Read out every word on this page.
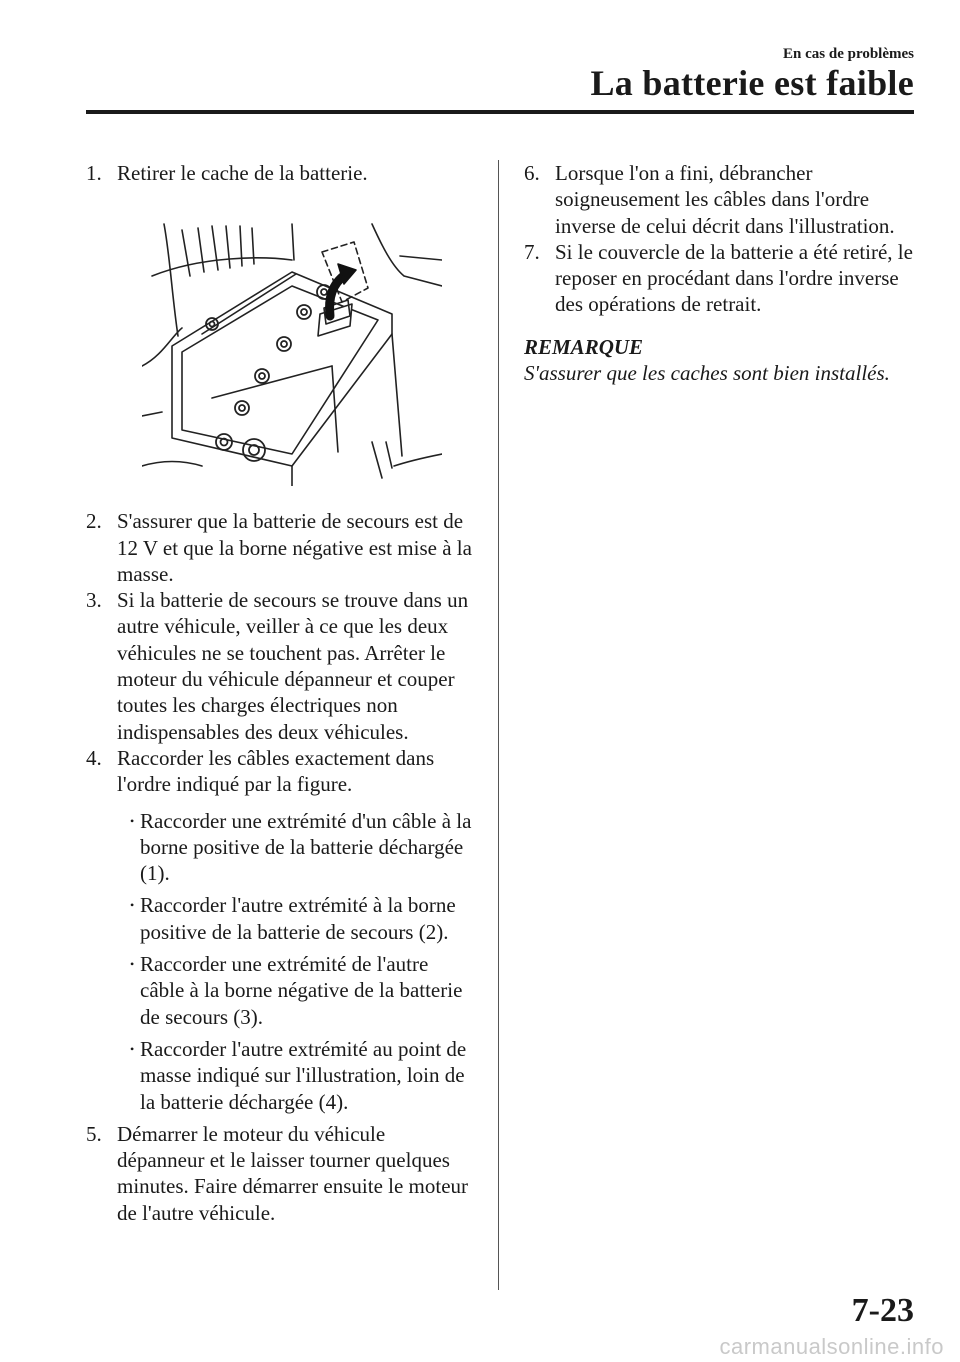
En cas de problèmes
La batterie est faible
1. Retirer le cache de la batterie.
2. S'assurer que la batterie de secours est de 12 V et que la borne négative est mise à la masse.
3. Si la batterie de secours se trouve dans un autre véhicule, veiller à ce que les deux véhicules ne se touchent pas. Arrêter le moteur du véhicule dépanneur et couper toutes les charges électriques non indispensables des deux véhicules.
4. Raccorder les câbles exactement dans l'ordre indiqué par la figure.
• Raccorder une extrémité d'un câble à la borne positive de la batterie déchargée (1).
• Raccorder l'autre extrémité à la borne positive de la batterie de secours (2).
• Raccorder une extrémité de l'autre câble à la borne négative de la batterie de secours (3).
• Raccorder l'autre extrémité au point de masse indiqué sur l'illustration, loin de la batterie déchargée (4).
5. Démarrer le moteur du véhicule dépanneur et le laisser tourner quelques minutes. Faire démarrer ensuite le moteur de l'autre véhicule.
6. Lorsque l'on a fini, débrancher soigneusement les câbles dans l'ordre inverse de celui décrit dans l'illustration.
7. Si le couvercle de la batterie a été retiré, le reposer en procédant dans l'ordre inverse des opérations de retrait.
REMARQUE
S'assurer que les caches sont bien installés.
7-23
carmanualsonline.info
